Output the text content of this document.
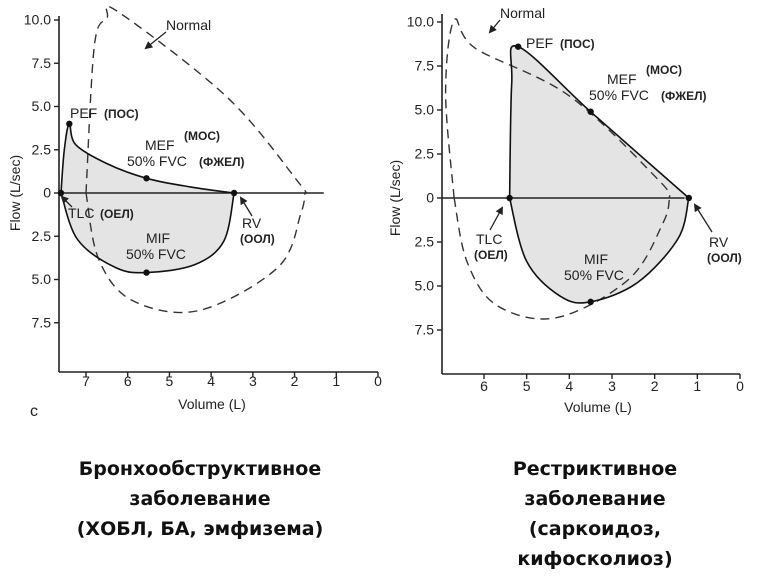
10.0
7.5
5.0
2.5
0
2.5
5.0
7.5
7 6 5 4 3 2 1 0
Volume (L)
Flow (L/sec)
Normal
PEF (ПОС)
MEF
50% FVC
(МОС)
(ФЖЕЛ)
TLC (ОЕЛ)
MIF
50% FVC
RV
(ООЛ)
c
10.0
7.5
5.0
2.5
0
2.5
5.0
7.5
6 5 4 3 2 1 0
Volume (L)
Flow (L/sec)
Normal
PEF (ПОС)
MEF
50% FVC
(МОС)
(ФЖЕЛ)
TLC
(ОЕЛ)	MIF
50% FVC
RV
(ООЛ)
Бронхообструктивное
заболевание
(ХОБЛ, БА, эмфизема)
Рестриктивное
заболевание
(саркоидоз,
кифосколиоз)
